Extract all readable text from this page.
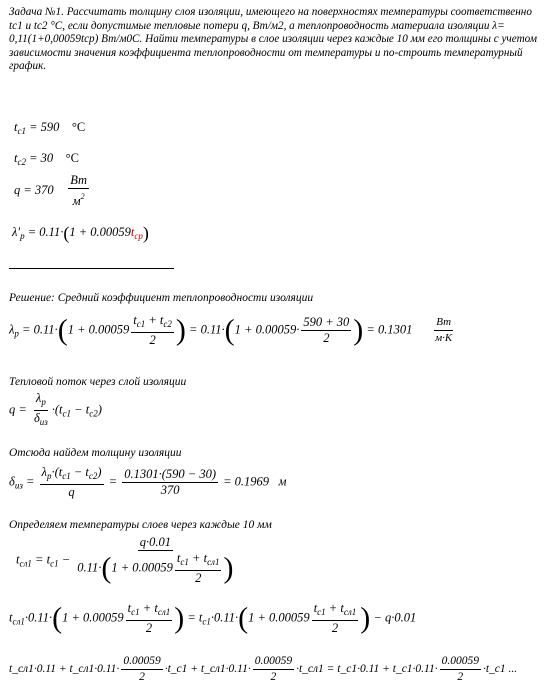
Задача №1. Рассчитать толщину слоя изоляции, имеющего на поверхностях температуры соответственно tc1 и tc2 °С, если допустимые тепловые потери q, Вт/м2, а теплопроводность материала изоляции λ= 0,11(1+0,00059tср) Вт/м0С. Найти температуры в слое изоляции через каждые 10 мм его толщины с учетом зависимости значения коэффициента теплопроводности от температуры и по-строить температурный график.
$t_{c1} = 590$ °C
$t_{c2} = 30$ °C
$q = 370 \frac{Вт}{м^2}$
$\lambda'_p = 0.11\cdot(1 + 0.00059t_{cp})$
Решение: Средний коэффициент теплопроводности изоляции
$\lambda_p = 0.11\cdot(1 + 0.00059 \frac{t_{c1} + t_{c2}}{2}$ ) = $0.11\cdot(1 + 0.00059\cdot \frac{590 + 30}{2}$ ) = $0.1301 \frac{Вт}{м\cdot К}$
Тепловой поток через слой изоляции
$q = \frac{\lambda_p}{\delta_{из}} \cdot(t_{c1} - t_{c2})$
Отсюда найдем толщину изоляции
$\delta_{из} = \frac{\lambda_p\cdot(t_{c1} - t_{c2})}{q} = \frac{0.1301\cdot(590 - 30)}{370} = 0.1969$ м
Определяем температуры слоев через каждые 10 мм
$t_{сл1} = t_{c1} - \frac{q\cdot 0.01}{0.11\cdot(1 + 0.00059 \frac{t_{c1} + t_{сл1}}{2} )}$
$t_{сл1}\cdot 0.11\cdot(1 + 0.00059 \frac{t_{c1} + t_{сл1}}{2}$ ) = $t_{c1}\cdot 0.11\cdot(1 + 0.00059 \frac{t_{c1} + t_{сл1}}{2}$ ) − q·0.01
t_сл1·0.11 + t_сл1·0.11· $\frac{0.00059}{2}$ ·t_c1 + t_сл1·0.11· $\frac{0.00059}{2}$ ·t_сл1 = t_c1·0.11 + t_c1·0.11· $\frac{0.00059}{2}$ ·t_c1 ...
